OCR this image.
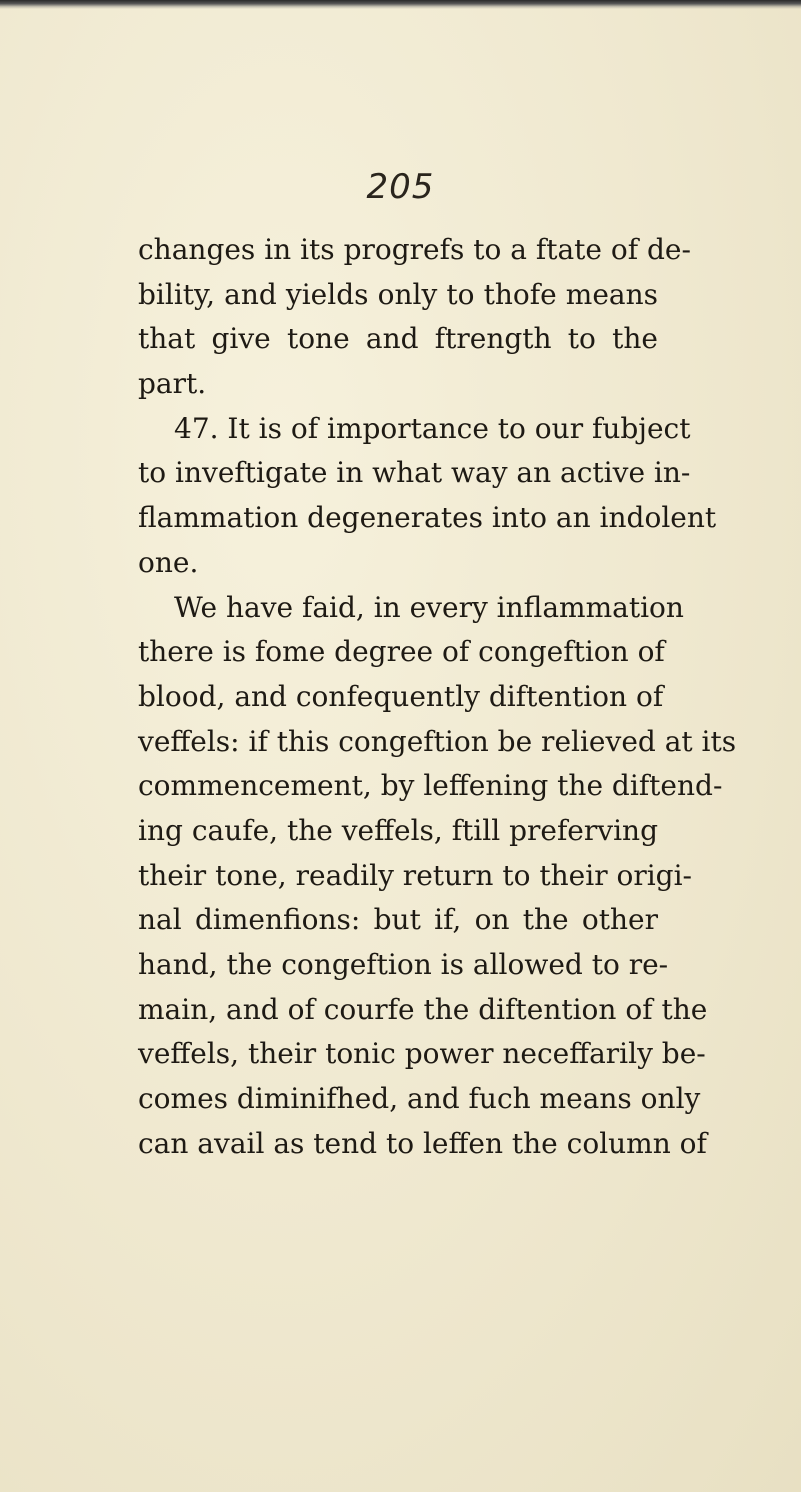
205
changes in its progrefs to a ftate of de-
bility, and yields only to thofe means
that give tone and ftrength to the
part.
47. It is of importance to our fubject
to inveftigate in what way an active in-
flammation degenerates into an indolent
one.
We have faid, in every inflammation
there is fome degree of congeftion of
blood, and confequently diftention of
veffels: if this congeftion be relieved at its
commencement, by leffening the diftend-
ing caufe, the veffels, ftill preferving
their tone, readily return to their origi-
nal dimenfions: but if, on the other
hand, the congeftion is allowed to re-
main, and of courfe the diftention of the
veffels, their tonic power neceffarily be-
comes diminifhed, and fuch means only
can avail as tend to leffen the column of
